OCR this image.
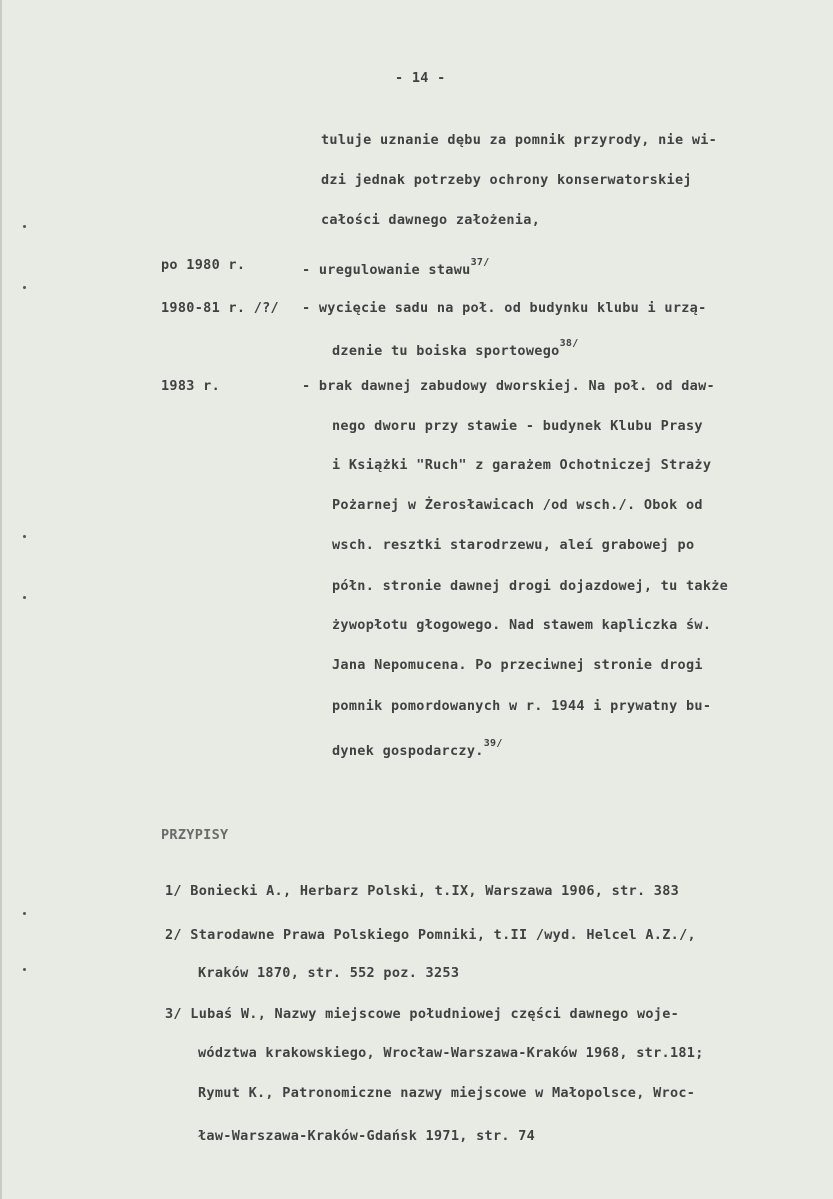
- 14 -
tuluje uznanie dębu za pomnik przyrody, nie wi-
dzi jednak potrzeby ochrony konserwatorskiej
całości dawnego założenia,
po 1980 r.	- uregulowanie stawu$^{37/}$
1980-81 r. /?/ - wycięcie sadu na poł. od budynku klubu i urzą-
dzenie tu boiska sportowego$^{38/}$
1983 r.	- brak dawnej zabudowy dworskiej. Na poł. od daw-
nego dworu przy stawie - budynek Klubu Prasy
i Książki "Ruch" z garażem Ochotniczej Straży
Pożarnej w Żerosławicach /od wsch./. Obok od
wsch. resztki starodrzewu, aleí grabowej po
półn. stronie dawnej drogi dojazdowej, tu także
żywopłotu głogowego. Nad stawem kapliczka św.
Jana Nepomucena. Po przeciwnej stronie drogi
pomnik pomordowanych w r. 1944 i prywatny bu-
dynek gospodarczy.$^{39/}$
PRZYPISY
1/ Boniecki A., Herbarz Polski, t.IX, Warszawa 1906, str. 383
2/ Starodawne Prawa Polskiego Pomniki, t.II /wyd. Helcel A.Z./,
Kraków 1870, str. 552 poz. 3253
3/ Lubaś W., Nazwy miejscowe południowej części dawnego woje-
wództwa krakowskiego, Wrocław-Warszawa-Kraków 1968, str.181;
Rymut K., Patronomiczne nazwy miejscowe w Małopolsce, Wroc-
ław-Warszawa-Kraków-Gdańsk 1971, str. 74
